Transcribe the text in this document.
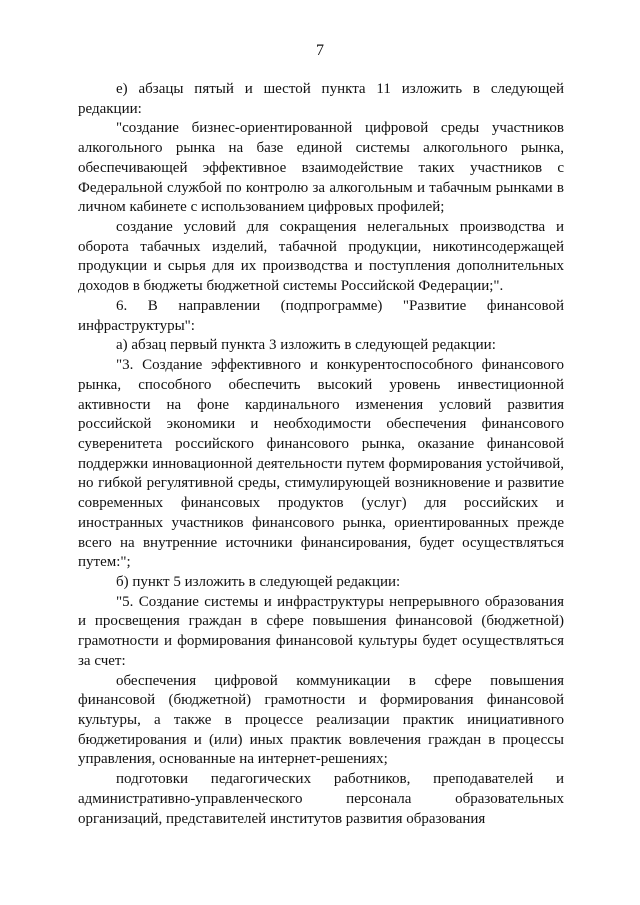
7

е) абзацы пятый и шестой пункта 11 изложить в следующей редакции:

"создание бизнес-ориентированной цифровой среды участников алкогольного рынка на базе единой системы алкогольного рынка, обеспечивающей эффективное взаимодействие таких участников с Федеральной службой по контролю за алкогольным и табачным рынками в личном кабинете с использованием цифровых профилей;

создание условий для сокращения нелегальных производства и оборота табачных изделий, табачной продукции, никотинсодержащей продукции и сырья для их производства и поступления дополнительных доходов в бюджеты бюджетной системы Российской Федерации;".

6. В направлении (подпрограмме) "Развитие финансовой инфраструктуры":

а) абзац первый пункта 3 изложить в следующей редакции:

"3. Создание эффективного и конкурентоспособного финансового рынка, способного обеспечить высокий уровень инвестиционной активности на фоне кардинального изменения условий развития российской экономики и необходимости обеспечения финансового суверенитета российского финансового рынка, оказание финансовой поддержки инновационной деятельности путем формирования устойчивой, но гибкой регулятивной среды, стимулирующей возникновение и развитие современных финансовых продуктов (услуг) для российских и иностранных участников финансового рынка, ориентированных прежде всего на внутренние источники финансирования, будет осуществляться путем:";

б) пункт 5 изложить в следующей редакции:

"5. Создание системы и инфраструктуры непрерывного образования и просвещения граждан в сфере повышения финансовой (бюджетной) грамотности и формирования финансовой культуры будет осуществляться за счет:

обеспечения цифровой коммуникации в сфере повышения финансовой (бюджетной) грамотности и формирования финансовой культуры, а также в процессе реализации практик инициативного бюджетирования и (или) иных практик вовлечения граждан в процессы управления, основанные на интернет-решениях;

подготовки педагогических работников, преподавателей и административно-управленческого персонала образовательных организаций, представителей институтов развития образования
